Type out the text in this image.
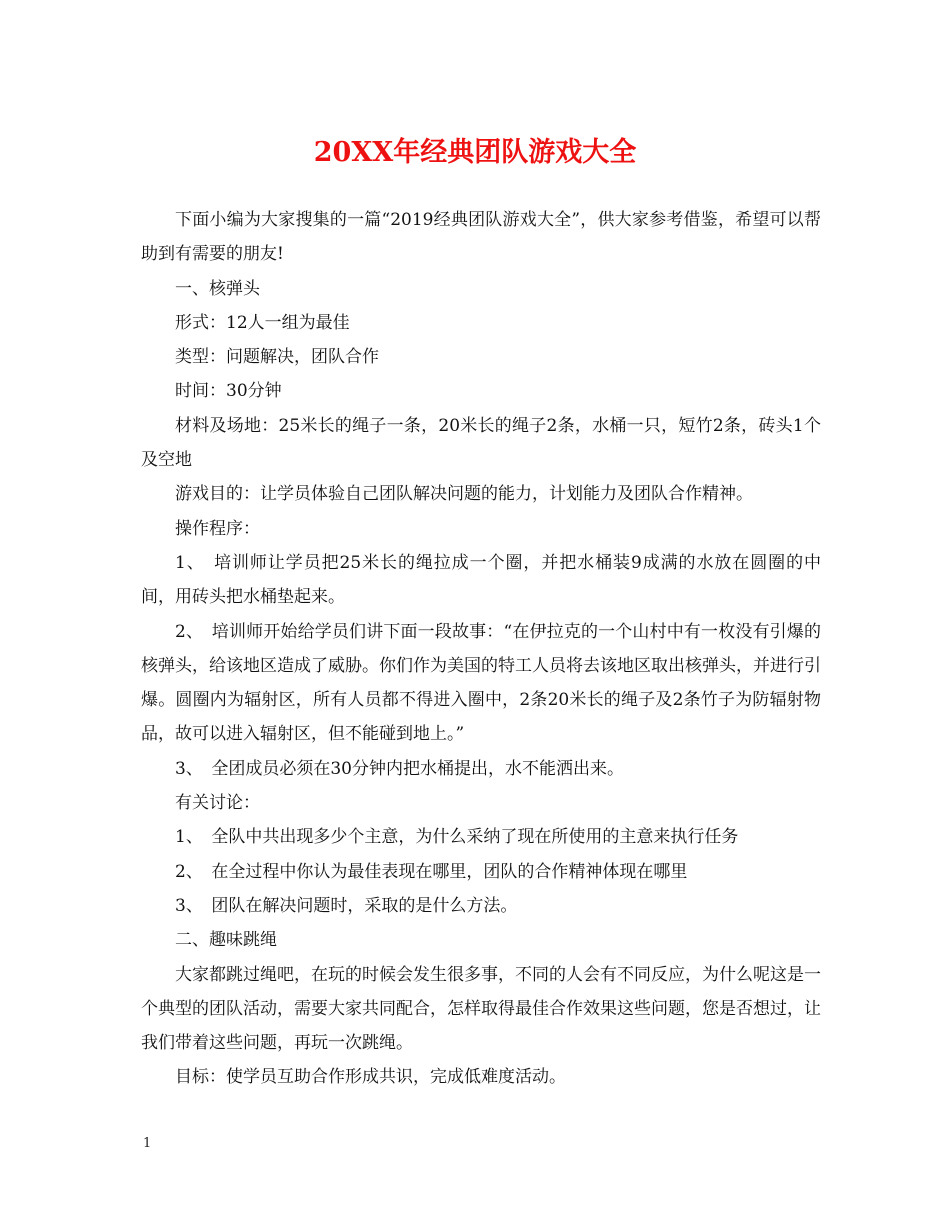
20XX年经典团队游戏大全

下面小编为大家搜集的一篇“2019经典团队游戏大全”，供大家参考借鉴，希望可以帮助到有需要的朋友!

一、核弹头

形式：12人一组为最佳

类型：问题解决，团队合作

时间：30分钟

材料及场地：25米长的绳子一条，20米长的绳子2条，水桶一只，短竹2条，砖头1个及空地

游戏目的：让学员体验自己团队解决问题的能力，计划能力及团队合作精神。

操作程序：

1、　培训师让学员把25米长的绳拉成一个圈，并把水桶装9成满的水放在圆圈的中间，用砖头把水桶垫起来。

2、　培训师开始给学员们讲下面一段故事：“在伊拉克的一个山村中有一枚没有引爆的核弹头，给该地区造成了威胁。你们作为美国的特工人员将去该地区取出核弹头，并进行引爆。圆圈内为辐射区，所有人员都不得进入圈中，2条20米长的绳子及2条竹子为防辐射物品，故可以进入辐射区，但不能碰到地上。”

3、　全团成员必须在30分钟内把水桶提出，水不能洒出来。

有关讨论：

1、　全队中共出现多少个主意，为什么采纳了现在所使用的主意来执行任务

2、　在全过程中你认为最佳表现在哪里，团队的合作精神体现在哪里

3、　团队在解决问题时，采取的是什么方法。

二、趣味跳绳

大家都跳过绳吧，在玩的时候会发生很多事，不同的人会有不同反应，为什么呢这是一个典型的团队活动，需要大家共同配合，怎样取得最佳合作效果这些问题，您是否想过，让我们带着这些问题，再玩一次跳绳。

目标：使学员互助合作形成共识，完成低难度活动。

1
